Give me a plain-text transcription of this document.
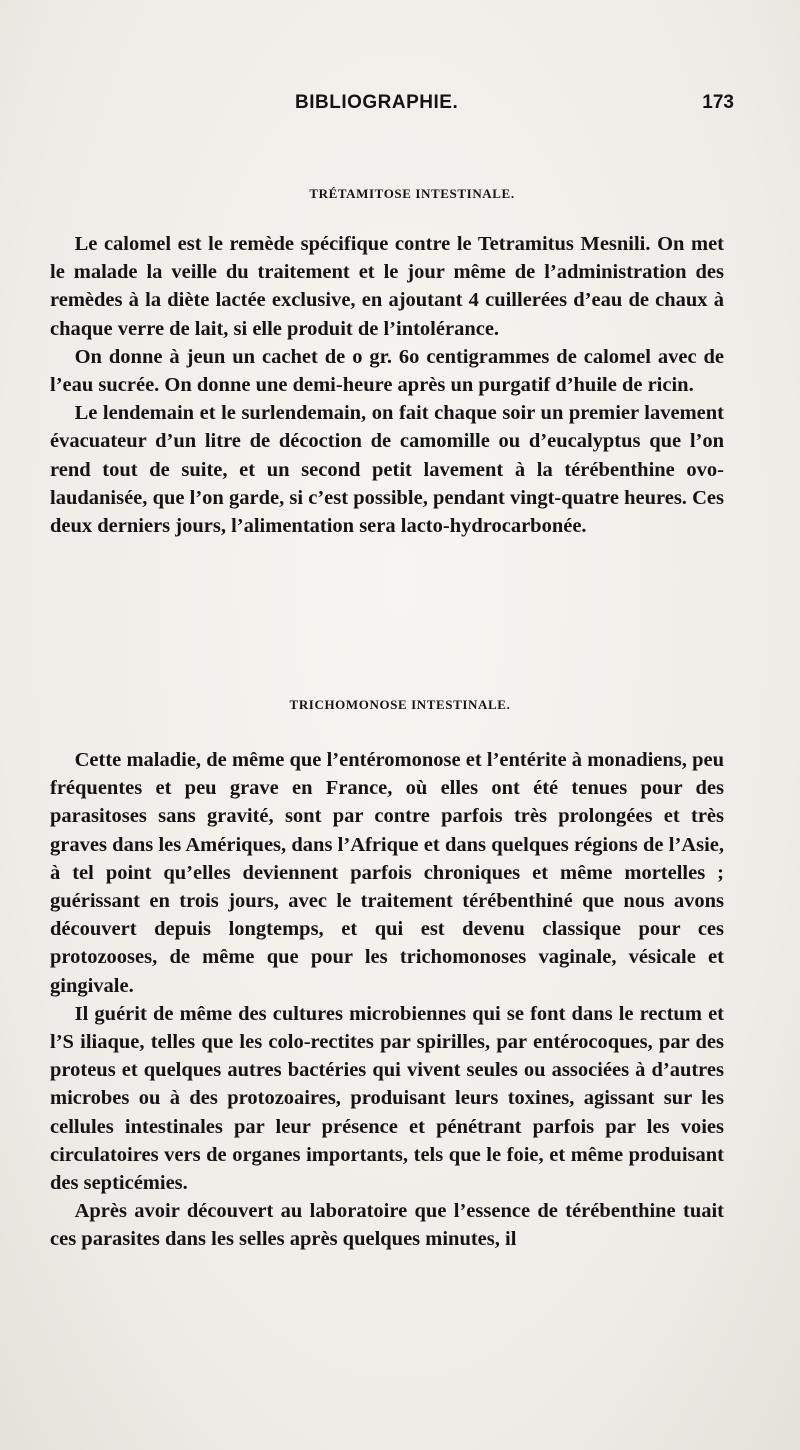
BIBLIOGRAPHIE.	173
TRÉTAMITOSE INTESTINALE.

Le calomel est le remède spécifique contre le Tetramitus Mesnili. On met le malade la veille du traitement et le jour même de l’administration des remèdes à la diète lactée exclusive, en ajoutant 4 cuillerées d’eau de chaux à chaque verre de lait, si elle produit de l’intolérance.

On donne à jeun un cachet de o gr. 6o centigrammes de calomel avec de l’eau sucrée. On donne une demi-heure après un purgatif d’huile de ricin.

Le lendemain et le surlendemain, on fait chaque soir un premier lavement évacuateur d’un litre de décoction de camomille ou d’eucalyptus que l’on rend tout de suite, et un second petit lavement à la térébenthine ovo-laudanisée, que l’on garde, si c’est possible, pendant vingt-quatre heures. Ces deux derniers jours, l’alimentation sera lacto-hydrocarbonée.

TRICHOMONOSE INTESTINALE.

Cette maladie, de même que l’entéromonose et l’entérite à monadiens, peu fréquentes et peu grave en France, où elles ont été tenues pour des parasitoses sans gravité, sont par contre parfois très prolongées et très graves dans les Amériques, dans l’Afrique et dans quelques régions de l’Asie, à tel point qu’elles deviennent parfois chroniques et même mortelles ; guérissant en trois jours, avec le traitement térébenthiné que nous avons découvert depuis longtemps, et qui est devenu classique pour ces protozooses, de même que pour les trichomonoses vaginale, vésicale et gingivale.

Il guérit de même des cultures microbiennes qui se font dans le rectum et l’S iliaque, telles que les colo-rectites par spirilles, par entérocoques, par des proteus et quelques autres bactéries qui vivent seules ou associées à d’autres microbes ou à des protozoaires, produisant leurs toxines, agissant sur les cellules intestinales par leur présence et pénétrant parfois par les voies circulatoires vers de organes importants, tels que le foie, et même produisant des septicémies.

Après avoir découvert au laboratoire que l’essence de térébenthine tuait ces parasites dans les selles après quelques minutes, il
